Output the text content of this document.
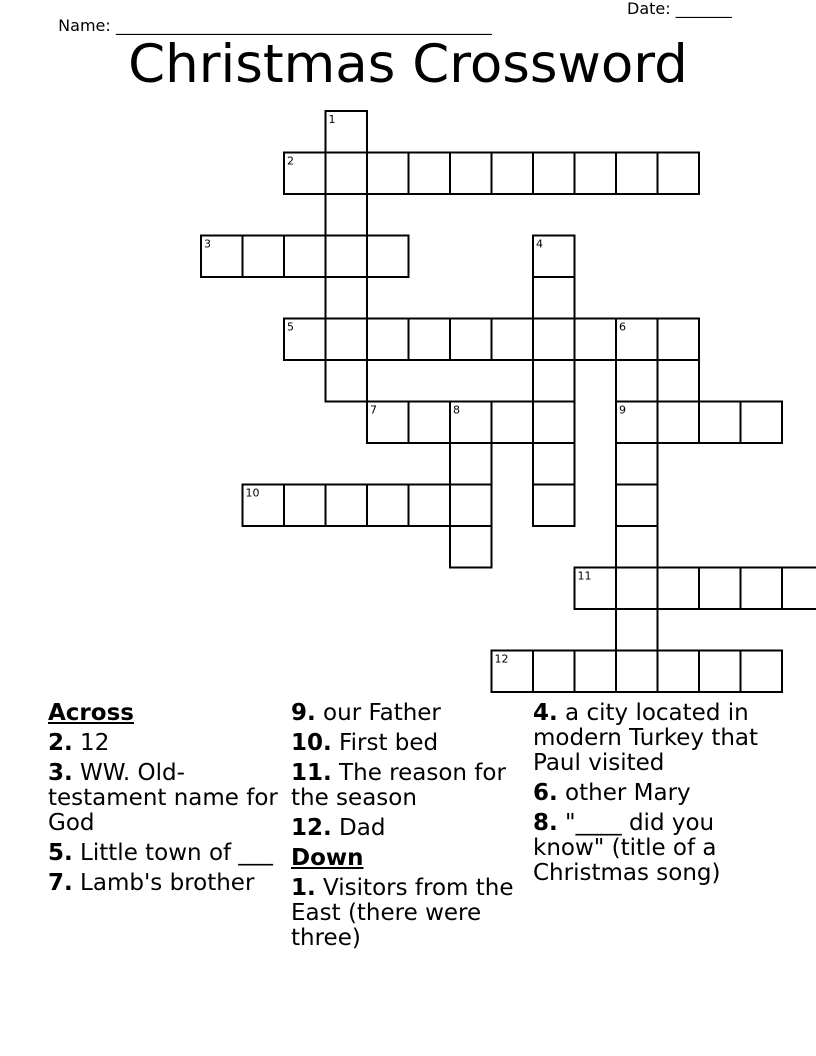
Name: _______________________________________________

Date: _______

Christmas Crossword
1
2
3	4
5	6
7	8	9
10
11
12
Across
2. 12
3. WW. Old-testament name for God
5. Little town of ___
7. Lamb's brother
9. our Father
10. First bed
11. The reason for the season
12. Dad
Down
1. Visitors from the East (there were three)
4. a city located in modern Turkey that Paul visited
6. other Mary
8. "____ did you know" (title of a Christmas song)
